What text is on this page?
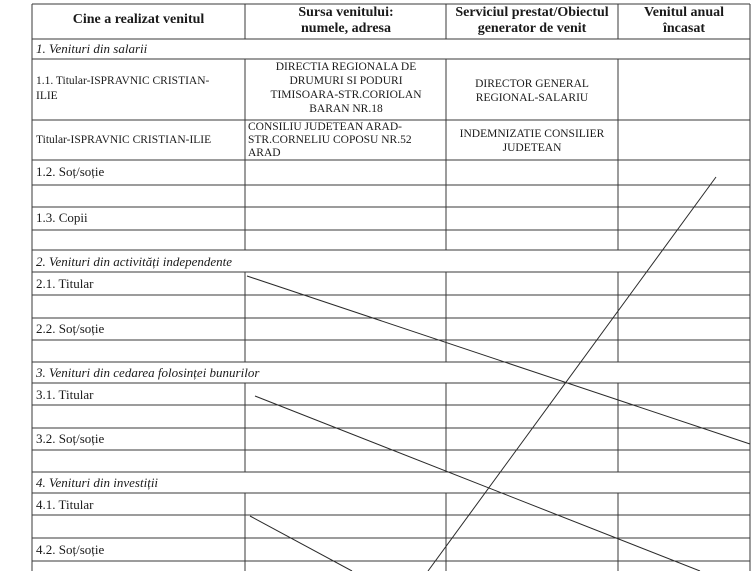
Cine a realizat venitul	Sursa venitului:
numele, adresa
Serviciul prestat/Obiectul
generator de venit
Venitul anual
încasat
1. Venituri din salarii
1.1. Titular-ISPRAVNIC CRISTIAN-
ILIE
DIRECTIA REGIONALA DE
DRUMURI SI PODURI
TIMISOARA-STR.CORIOLAN
BARAN NR.18
DIRECTOR GENERAL
REGIONAL-SALARIU
Titular-ISPRAVNIC CRISTIAN-ILIE
CONSILIU JUDETEAN ARAD-
STR.CORNELIU COPOSU NR.52
ARAD
INDEMNIZATIE CONSILIER
JUDETEAN
1.2. Soț/soție
1.3. Copii
2. Venituri din activități independente
2.1. Titular
2.2. Soț/soție
3. Venituri din cedarea folosinței bunurilor
3.1. Titular
3.2. Soț/soție
4. Venituri din investiții
4.1. Titular
4.2. Soț/soție
